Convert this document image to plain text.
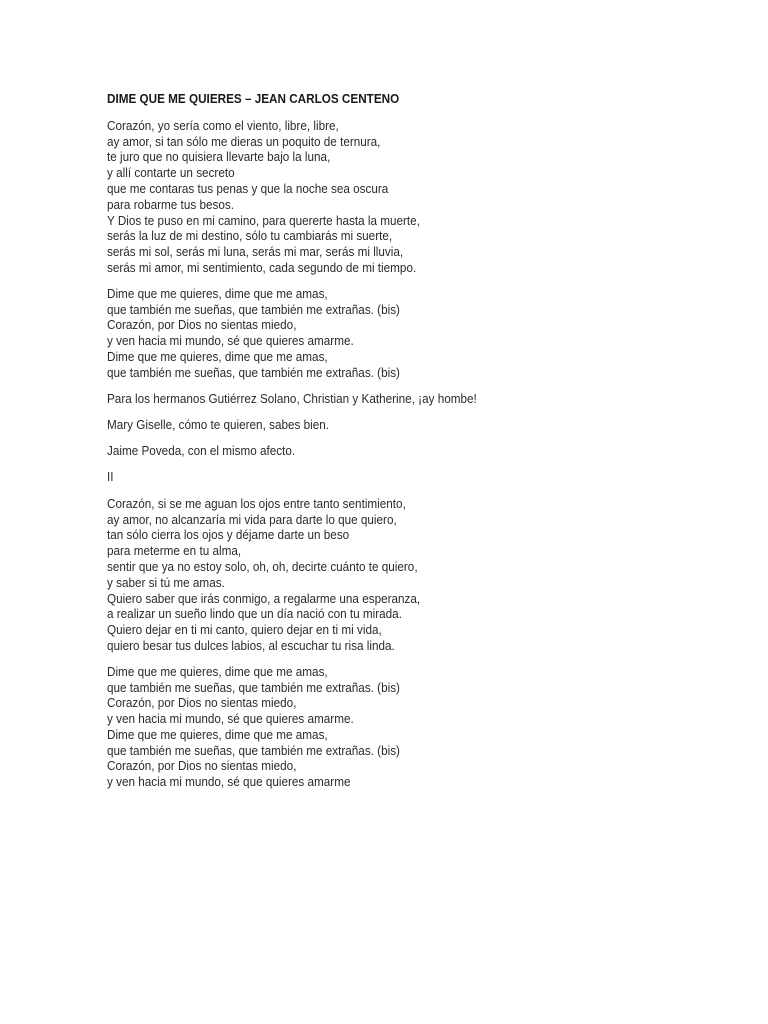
DIME QUE ME QUIERES – JEAN CARLOS CENTENO
Corazón, yo sería como el viento, libre, libre,
ay amor, si tan sólo me dieras un poquito de ternura,
te juro que no quisiera llevarte bajo la luna,
y allí contarte un secreto
que me contaras tus penas y que la noche sea oscura
para robarme tus besos.
Y Dios te puso en mi camino, para quererte hasta la muerte,
serás la luz de mi destino, sólo tu cambiarás mi suerte,
serás mi sol, serás mi luna, serás mi mar, serás mi lluvia,
serás mi amor, mi sentimiento, cada segundo de mi tiempo.
Dime que me quieres, dime que me amas,
que también me sueñas, que también me extrañas. (bis)
Corazón, por Dios no sientas miedo,
y ven hacia mi mundo, sé que quieres amarme.
Dime que me quieres, dime que me amas,
que también me sueñas, que también me extrañas. (bis)
Para los hermanos Gutiérrez Solano, Christian y Katherine, ¡ay hombe!
Mary Giselle, cómo te quieren, sabes bien.
Jaime Poveda, con el mismo afecto.
II
Corazón, si se me aguan los ojos entre tanto sentimiento,
ay amor, no alcanzaría mi vida para darte lo que quiero,
tan sólo cierra los ojos y déjame darte un beso
para meterme en tu alma,
sentir que ya no estoy solo, oh, oh, decirte cuánto te quiero,
y saber si tú me amas.
Quiero saber que irás conmigo, a regalarme una esperanza,
a realizar un sueño lindo que un día nació con tu mirada.
Quiero dejar en ti mi canto, quiero dejar en ti mi vida,
quiero besar tus dulces labios, al escuchar tu risa linda.
Dime que me quieres, dime que me amas,
que también me sueñas, que también me extrañas. (bis)
Corazón, por Dios no sientas miedo,
y ven hacia mi mundo, sé que quieres amarme.
Dime que me quieres, dime que me amas,
que también me sueñas, que también me extrañas. (bis)
Corazón, por Dios no sientas miedo,
y ven hacia mi mundo, sé que quieres amarme
